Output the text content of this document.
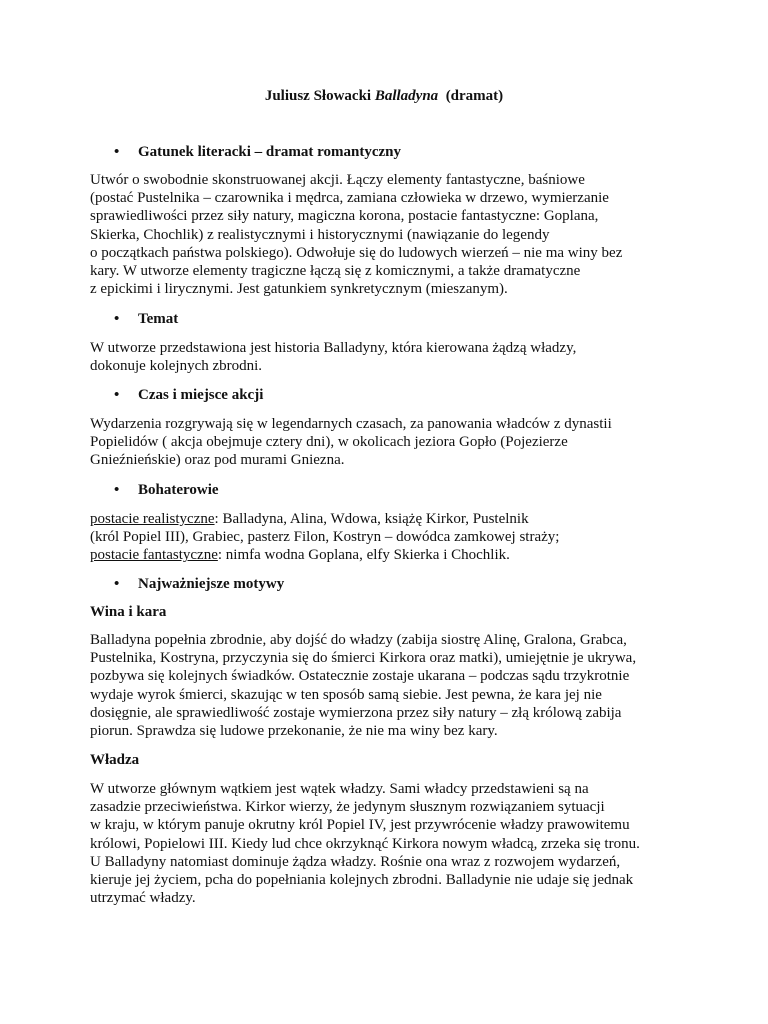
Juliusz Słowacki Balladyna (dramat)

• Gatunek literacki – dramat romantyczny

Utwór o swobodnie skonstruowanej akcji. Łączy elementy fantastyczne, baśniowe
(postać Pustelnika – czarownika i mędrca, zamiana człowieka w drzewo, wymierzanie
sprawiedliwości przez siły natury, magiczna korona, postacie fantastyczne: Goplana,
Skierka, Chochlik) z realistycznymi i historycznymi (nawiązanie do legendy
o początkach państwa polskiego). Odwołuje się do ludowych wierzeń – nie ma winy bez
kary. W utworze elementy tragiczne łączą się z komicznymi, a także dramatyczne
z epickimi i lirycznymi. Jest gatunkiem synkretycznym (mieszanym).

• Temat

W utworze przedstawiona jest historia Balladyny, która kierowana żądzą władzy,
dokonuje kolejnych zbrodni.

• Czas i miejsce akcji

Wydarzenia rozgrywają się w legendarnych czasach, za panowania władców z dynastii
Popielidów ( akcja obejmuje cztery dni), w okolicach jeziora Gopło (Pojezierze
Gnieźnieńskie) oraz pod murami Gniezna.

• Bohaterowie

postacie realistyczne: Balladyna, Alina, Wdowa, książę Kirkor, Pustelnik
(król Popiel III), Grabiec, pasterz Filon, Kostryn – dowódca zamkowej straży;
postacie fantastyczne: nimfa wodna Goplana, elfy Skierka i Chochlik.

• Najważniejsze motywy

Wina i kara

Balladyna popełnia zbrodnie, aby dojść do władzy (zabija siostrę Alinę, Gralona, Grabca,
Pustelnika, Kostryna, przyczynia się do śmierci Kirkora oraz matki), umiejętnie je ukrywa,
pozbywa się kolejnych świadków. Ostatecznie zostaje ukarana – podczas sądu trzykrotnie
wydaje wyrok śmierci, skazując w ten sposób samą siebie. Jest pewna, że kara jej nie
dosięgnie, ale sprawiedliwość zostaje wymierzona przez siły natury – złą królową zabija
piorun. Sprawdza się ludowe przekonanie, że nie ma winy bez kary.

Władza

W utworze głównym wątkiem jest wątek władzy. Sami władcy przedstawieni są na
zasadzie przeciwieństwa. Kirkor wierzy, że jedynym słusznym rozwiązaniem sytuacji
w kraju, w którym panuje okrutny król Popiel IV, jest przywrócenie władzy prawowitemu
królowi, Popielowi III. Kiedy lud chce okrzyknąć Kirkora nowym władcą, zrzeka się tronu.
U Balladyny natomiast dominuje żądza władzy. Rośnie ona wraz z rozwojem wydarzeń,
kieruje jej życiem, pcha do popełniania kolejnych zbrodni. Balladynie nie udaje się jednak
utrzymać władzy.
